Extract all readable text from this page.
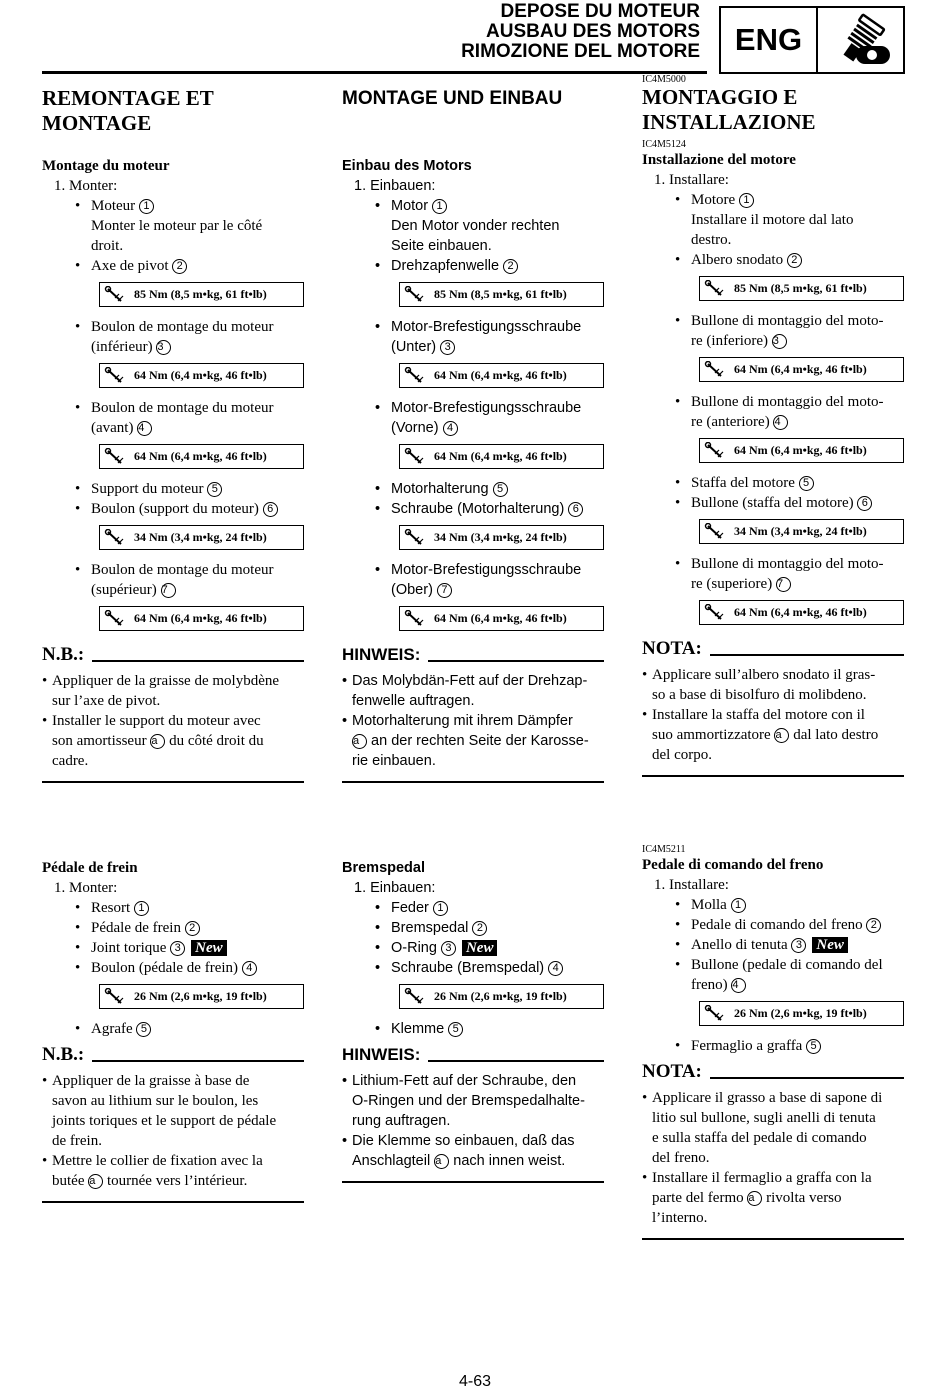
DEPOSE DU MOTEUR
AUSBAU DES MOTORS
RIMOZIONE DEL MOTORE	ENG
REMONTAGE ET
MONTAGE
Montage du moteur
1. Monter:
• Moteur 1
Monter le moteur par le côté
droit.
• Axe de pivot 2
85 Nm (8,5 m•kg, 61 ft•lb)
• Boulon de montage du moteur
(inférieur) 3
64 Nm (6,4 m•kg, 46 ft•lb)
• Boulon de montage du moteur
(avant) 4
64 Nm (6,4 m•kg, 46 ft•lb)
• Support du moteur 5
• Boulon (support du moteur) 6
34 Nm (3,4 m•kg, 24 ft•lb)
• Boulon de montage du moteur
(supérieur) 7
64 Nm (6,4 m•kg, 46 ft•lb)
N.B.:
• Appliquer de la graisse de molybdène
sur l’axe de pivot.
• Installer le support du moteur avec
son amortisseur a du côté droit du
cadre.
MONTAGE UND EINBAU

Einbau des Motors
1. Einbauen:
• Motor 1
Den Motor vonder rechten
Seite einbauen.
• Drehzapfenwelle 2
85 Nm (8,5 m•kg, 61 ft•lb)
• Motor-Brefestigungsschraube
(Unter) 3
64 Nm (6,4 m•kg, 46 ft•lb)
• Motor-Brefestigungsschraube
(Vorne) 4
64 Nm (6,4 m•kg, 46 ft•lb)
• Motorhalterung 5
• Schraube (Motorhalterung) 6
34 Nm (3,4 m•kg, 24 ft•lb)
• Motor-Brefestigungsschraube
(Ober) 7
64 Nm (6,4 m•kg, 46 ft•lb)
HINWEIS:
• Das Molybdän-Fett auf der Drehzap-
fenwelle auftragen.
• Motorhalterung mit ihrem Dämpfer
a an der rechten Seite der Karosse-
rie einbauen.
IC4M5000
MONTAGGIO E
INSTALLAZIONE
IC4M5124
Installazione del motore
1. Installare:
• Motore 1
Installare il motore dal lato
destro.
• Albero snodato 2
85 Nm (8,5 m•kg, 61 ft•lb)
• Bullone di montaggio del moto-
re (inferiore) 3
64 Nm (6,4 m•kg, 46 ft•lb)
• Bullone di montaggio del moto-
re (anteriore) 4
64 Nm (6,4 m•kg, 46 ft•lb)
• Staffa del motore 5
• Bullone (staffa del motore) 6
34 Nm (3,4 m•kg, 24 ft•lb)
• Bullone di montaggio del moto-
re (superiore) 7
64 Nm (6,4 m•kg, 46 ft•lb)
NOTA:
• Applicare sull’albero snodato il gras-
so a base di bisolfuro di molibdeno.
• Installare la staffa del motore con il
suo ammortizzatore a dal lato destro
del corpo.
Pédale de frein
1. Monter:
• Resort 1
• Pédale de frein 2
• Joint torique 3 New
• Boulon (pédale de frein) 4
26 Nm (2,6 m•kg, 19 ft•lb)
• Agrafe 5
N.B.:
• Appliquer de la graisse à base de
savon au lithium sur le boulon, les
joints toriques et le support de pédale
de frein.
• Mettre le collier de fixation avec la
butée a tournée vers l’intérieur.
Bremspedal
1. Einbauen:
• Feder 1
• Bremspedal 2
• O-Ring 3 New
• Schraube (Bremspedal) 4
26 Nm (2,6 m•kg, 19 ft•lb)
• Klemme 5
HINWEIS:
• Lithium-Fett auf der Schraube, den
O-Ringen und der Bremspedalhalte-
rung auftragen.
• Die Klemme so einbauen, daß das
Anschlagteil a nach innen weist.
IC4M5211
Pedale di comando del freno
1. Installare:
• Molla 1
• Pedale di comando del freno 2
• Anello di tenuta 3 New
• Bullone (pedale di comando del
freno) 4
26 Nm (2,6 m•kg, 19 ft•lb)
• Fermaglio a graffa 5
NOTA:
• Applicare il grasso a base di sapone di
litio sul bullone, sugli anelli di tenuta
e sulla staffa del pedale di comando
del freno.
• Installare il fermaglio a graffa con la
parte del fermo a rivolta verso
l’interno.
4-63
